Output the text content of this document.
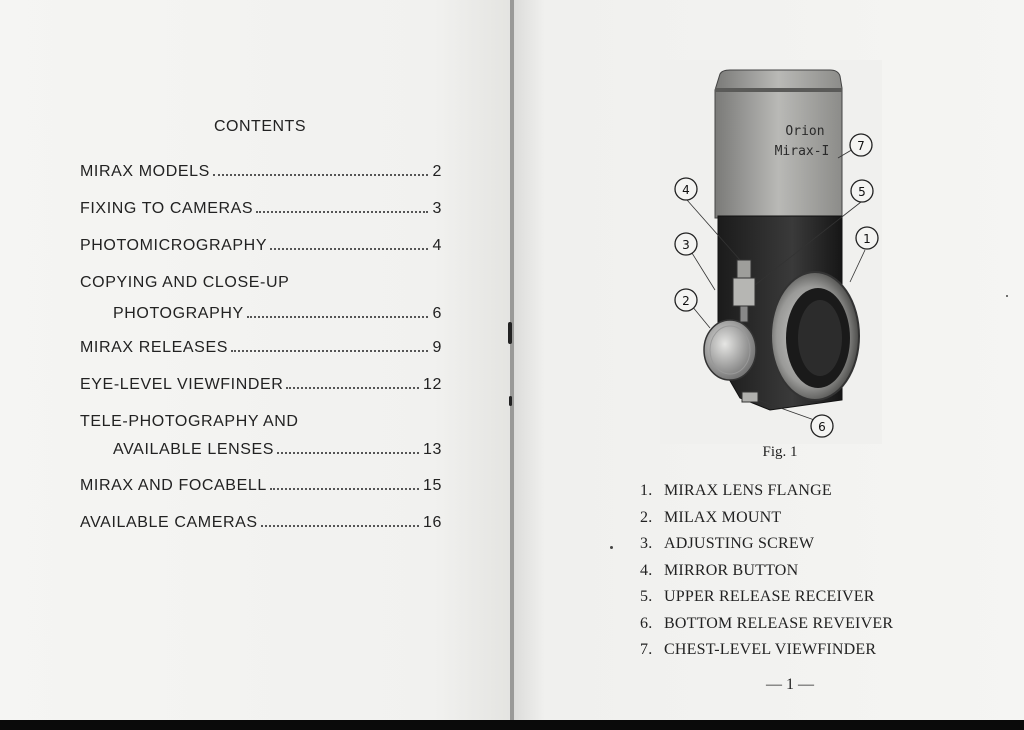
CONTENTS
MIRAX MODELS	2
FIXING TO CAMERAS	3
PHOTOMICROGRAPHY	4
COPYING AND CLOSE-UP
PHOTOGRAPHY	6
MIRAX RELEASES	9
EYE-LEVEL VIEWFINDER	12
TELE-PHOTOGRAPHY AND
AVAILABLE LENSES	13
MIRAX AND FOCABELL	15
AVAILABLE CAMERAS	16
Orion
Mirax-I
1
2
3
4	5
6
7
Fig. 1
1. MIRAX LENS FLANGE
2. MILAX MOUNT
3. ADJUSTING SCREW
4. MIRROR BUTTON
5. UPPER RELEASE RECEIVER
6. BOTTOM RELEASE REVEIVER
7. CHEST-LEVEL VIEWFINDER
— 1 —
